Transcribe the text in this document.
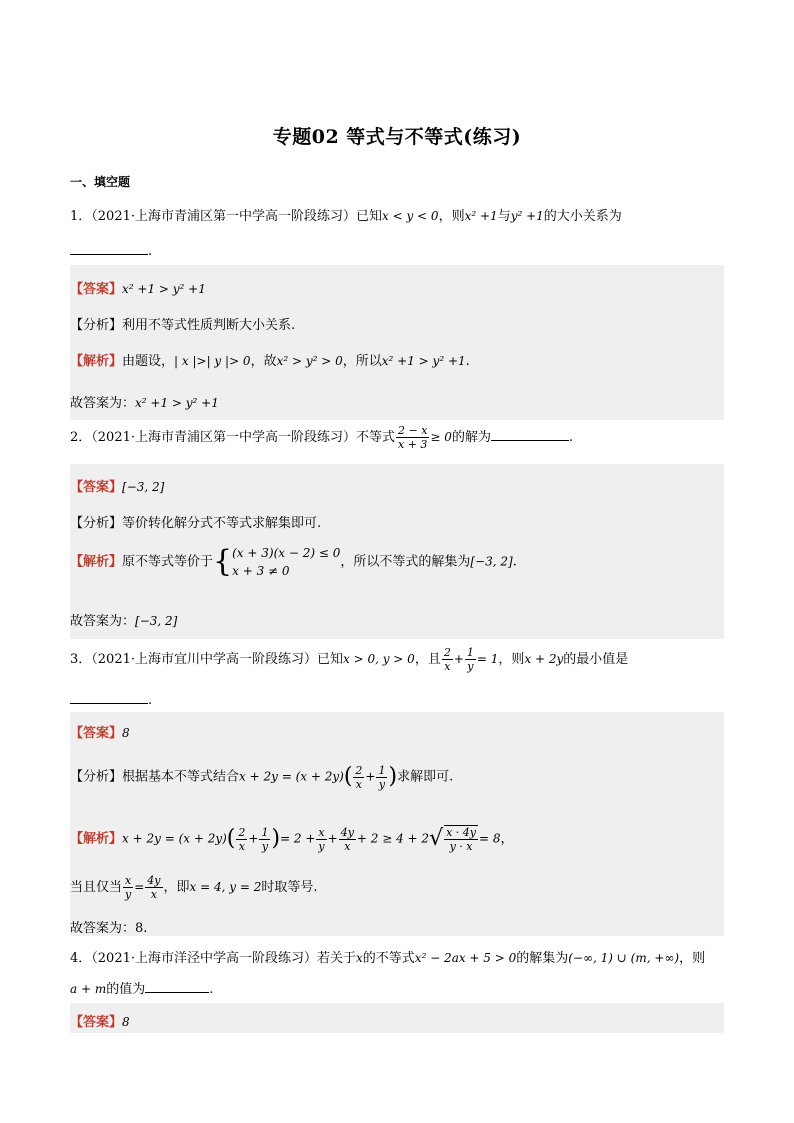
专题02 等式与不等式(练习)
一、填空题
1．（2021·上海市青浦区第一中学高一阶段练习）已知x < y < 0，则x² +1与y² +1的大小关系为
.
【答案】x² +1 > y² +1
【分析】利用不等式性质判断大小关系.
【解析】由题设，| x |>| y |> 0，故x² > y² > 0，所以x² +1 > y² +1.
故答案为：x² +1 > y² +1
2．（2021·上海市青浦区第一中学高一阶段练习）不等式 $\frac{2 - x}{x + 3} \ge 0$的解为	.
【答案】[−3, 2]
【分析】等价转化解分式不等式求解集即可.
【解析】原不等式等价于{ (x + 3)(x − 2) ≤ 0
x + 3 ≠ 0
，所以不等式的解集为[−3, 2].
故答案为：[−3, 2]
3．（2021·上海市宜川中学高一阶段练习）已知x > 0, y > 0，且 $\frac{2}{x} + \frac{1}{y} = 1$，则x + 2y的最小值是
.
【答案】8
【分析】根据基本不等式结合$x + 2y = (x + 2y)( \frac{2}{x} + \frac{1}{y}$ )求解即可.
【解析】$x + 2y = (x + 2y)( \frac{2}{x} + \frac{1}{y}$ )= $2 + \frac{x}{y} + \frac{4y}{x} + 2 \ge 4 + 2√ \frac{x \cdot 4y}{y \cdot x} = 8$，
当且仅当 $\frac{x}{y} = \frac{4y}{x}$ ，即x = 4, y = 2时取等号.
故答案为：8.
4．（2021·上海市洋泾中学高一阶段练习）若关于x的不等式x² − 2ax + 5 > 0的解集为(−∞, 1) ∪ (m, +∞)，则
a + m的值为	.
【答案】8
